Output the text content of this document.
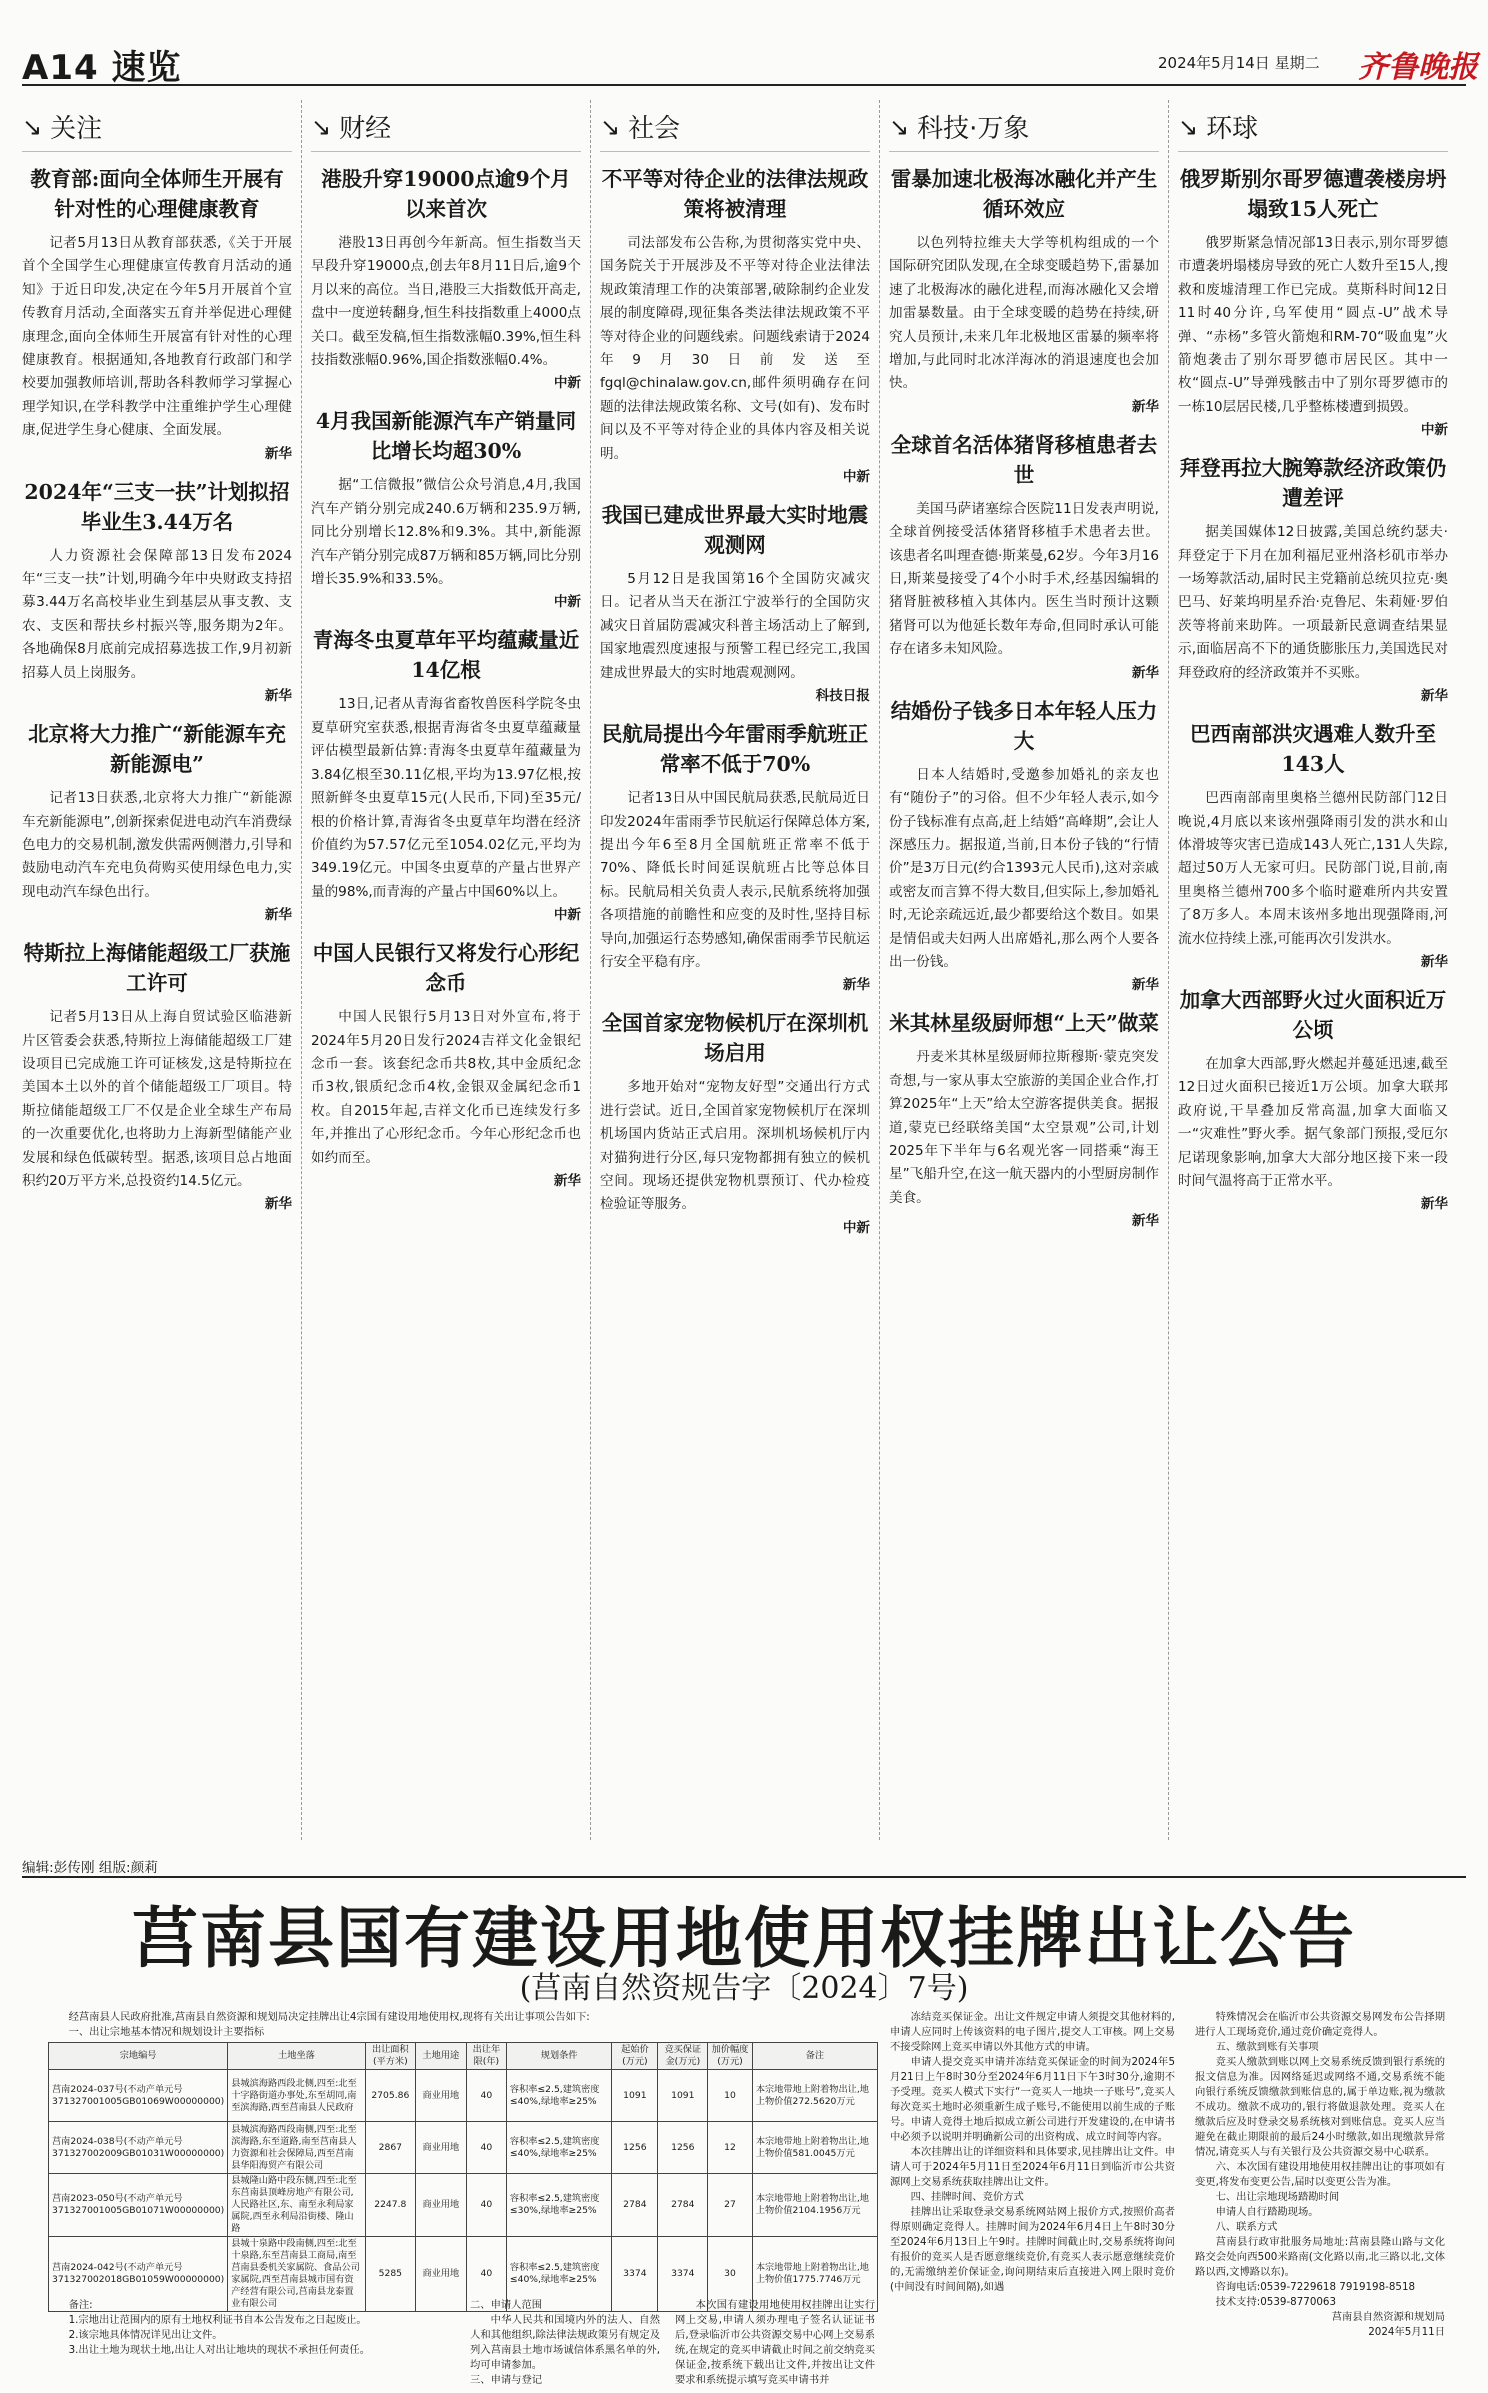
A14 速览	2024年5月14日 星期二 齐鲁晚报
↘ 关注
教育部:面向全体师生开展有针对性的心理健康教育

记者5月13日从教育部获悉,《关于开展首个全国学生心理健康宣传教育月活动的通知》于近日印发,决定在今年5月开展首个宣传教育月活动,全面落实五育并举促进心理健康理念,面向全体师生开展富有针对性的心理健康教育。根据通知,各地教育行政部门和学校要加强教师培训,帮助各科教师学习掌握心理学知识,在学科教学中注重维护学生心理健康,促进学生身心健康、全面发展。

新华
2024年“三支一扶”计划拟招毕业生3.44万名

人力资源社会保障部13日发布2024年“三支一扶”计划,明确今年中央财政支持招募3.44万名高校毕业生到基层从事支教、支农、支医和帮扶乡村振兴等,服务期为2年。各地确保8月底前完成招募选拔工作,9月初新招募人员上岗服务。

新华
北京将大力推广“新能源车充新能源电”

记者13日获悉,北京将大力推广“新能源车充新能源电”,创新探索促进电动汽车消费绿色电力的交易机制,激发供需两侧潜力,引导和鼓励电动汽车充电负荷购买使用绿色电力,实现电动汽车绿色出行。

新华
特斯拉上海储能超级工厂获施工许可

记者5月13日从上海自贸试验区临港新片区管委会获悉,特斯拉上海储能超级工厂建设项目已完成施工许可证核发,这是特斯拉在美国本土以外的首个储能超级工厂项目。特斯拉储能超级工厂不仅是企业全球生产布局的一次重要优化,也将助力上海新型储能产业发展和绿色低碳转型。据悉,该项目总占地面积约20万平方米,总投资约14.5亿元。

新华
↘ 财经
港股升穿19000点逾9个月以来首次

港股13日再创今年新高。恒生指数当天早段升穿19000点,创去年8月11日后,逾9个月以来的高位。当日,港股三大指数低开高走,盘中一度逆转翻身,恒生科技指数重上4000点关口。截至发稿,恒生指数涨幅0.39%,恒生科技指数涨幅0.96%,国企指数涨幅0.4%。

中新
4月我国新能源汽车产销量同比增长均超30%

据“工信微报”微信公众号消息,4月,我国汽车产销分别完成240.6万辆和235.9万辆,同比分别增长12.8%和9.3%。其中,新能源汽车产销分别完成87万辆和85万辆,同比分别增长35.9%和33.5%。

中新
青海冬虫夏草年平均蕴藏量近14亿根

13日,记者从青海省畜牧兽医科学院冬虫夏草研究室获悉,根据青海省冬虫夏草蕴藏量评估模型最新估算:青海冬虫夏草年蕴藏量为3.84亿根至30.11亿根,平均为13.97亿根,按照新鲜冬虫夏草15元(人民币,下同)至35元/根的价格计算,青海省冬虫夏草年均潜在经济价值约为57.57亿元至1054.02亿元,平均为349.19亿元。中国冬虫夏草的产量占世界产量的98%,而青海的产量占中国60%以上。

中新
中国人民银行又将发行心形纪念币

中国人民银行5月13日对外宣布,将于2024年5月20日发行2024吉祥文化金银纪念币一套。该套纪念币共8枚,其中金质纪念币3枚,银质纪念币4枚,金银双金属纪念币1枚。自2015年起,吉祥文化币已连续发行多年,并推出了心形纪念币。今年心形纪念币也如约而至。

新华
↘ 社会
不平等对待企业的法律法规政策将被清理

司法部发布公告称,为贯彻落实党中央、国务院关于开展涉及不平等对待企业法律法规政策清理工作的决策部署,破除制约企业发展的制度障碍,现征集各类法律法规政策不平等对待企业的问题线索。问题线索请于2024年9月30日前发送至fgql@chinalaw.gov.cn,邮件须明确存在问题的法律法规政策名称、文号(如有)、发布时间以及不平等对待企业的具体内容及相关说明。

中新
我国已建成世界最大实时地震观测网

5月12日是我国第16个全国防灾减灾日。记者从当天在浙江宁波举行的全国防灾减灾日首届防震减灾科普主场活动上了解到,国家地震烈度速报与预警工程已经完工,我国建成世界最大的实时地震观测网。

科技日报
民航局提出今年雷雨季航班正常率不低于70%

记者13日从中国民航局获悉,民航局近日印发2024年雷雨季节民航运行保障总体方案,提出今年6至8月全国航班正常率不低于70%、降低长时间延误航班占比等总体目标。民航局相关负责人表示,民航系统将加强各项措施的前瞻性和应变的及时性,坚持目标导向,加强运行态势感知,确保雷雨季节民航运行安全平稳有序。

新华
全国首家宠物候机厅在深圳机场启用

多地开始对“宠物友好型”交通出行方式进行尝试。近日,全国首家宠物候机厅在深圳机场国内货站正式启用。深圳机场候机厅内对猫狗进行分区,每只宠物都拥有独立的候机空间。现场还提供宠物机票预订、代办检疫检验证等服务。

中新
↘ 科技·万象
雷暴加速北极海冰融化并产生循环效应

以色列特拉维夫大学等机构组成的一个国际研究团队发现,在全球变暖趋势下,雷暴加速了北极海冰的融化进程,而海冰融化又会增加雷暴数量。由于全球变暖的趋势在持续,研究人员预计,未来几年北极地区雷暴的频率将增加,与此同时北冰洋海冰的消退速度也会加快。

新华
全球首名活体猪肾移植患者去世

美国马萨诸塞综合医院11日发表声明说,全球首例接受活体猪肾移植手术患者去世。该患者名叫理查德·斯莱曼,62岁。今年3月16日,斯莱曼接受了4个小时手术,经基因编辑的猪肾脏被移植入其体内。医生当时预计这颗猪肾可以为他延长数年寿命,但同时承认可能存在诸多未知风险。

新华
结婚份子钱多日本年轻人压力大

日本人结婚时,受邀参加婚礼的亲友也有“随份子”的习俗。但不少年轻人表示,如今份子钱标准有点高,赶上结婚“高峰期”,会让人深感压力。据报道,当前,日本份子钱的“行情价”是3万日元(约合1393元人民币),这对亲戚或密友而言算不得大数目,但实际上,参加婚礼时,无论亲疏远近,最少都要给这个数目。如果是情侣或夫妇两人出席婚礼,那么两个人要各出一份钱。

新华
米其林星级厨师想“上天”做菜

丹麦米其林星级厨师拉斯穆斯·蒙克突发奇想,与一家从事太空旅游的美国企业合作,打算2025年“上天”给太空游客提供美食。据报道,蒙克已经联络美国“太空景观”公司,计划2025年下半年与6名观光客一同搭乘“海王星”飞船升空,在这一航天器内的小型厨房制作美食。

新华
↘ 环球
俄罗斯别尔哥罗德遭袭楼房坍塌致15人死亡

俄罗斯紧急情况部13日表示,别尔哥罗德市遭袭坍塌楼房导致的死亡人数升至15人,搜救和废墟清理工作已完成。莫斯科时间12日11时40分许,乌军使用“圆点-U”战术导弹、“赤杨”多管火箭炮和RM-70“吸血鬼”火箭炮袭击了别尔哥罗德市居民区。其中一枚“圆点-U”导弹残骸击中了别尔哥罗德市的一栋10层居民楼,几乎整栋楼遭到损毁。

中新
拜登再拉大腕筹款经济政策仍遭差评

据美国媒体12日披露,美国总统约瑟夫·拜登定于下月在加利福尼亚州洛杉矶市举办一场筹款活动,届时民主党籍前总统贝拉克·奥巴马、好莱坞明星乔治·克鲁尼、朱莉娅·罗伯茨等将前来助阵。一项最新民意调查结果显示,面临居高不下的通货膨胀压力,美国选民对拜登政府的经济政策并不买账。

新华
巴西南部洪灾遇难人数升至143人

巴西南部南里奥格兰德州民防部门12日晚说,4月底以来该州强降雨引发的洪水和山体滑坡等灾害已造成143人死亡,131人失踪,超过50万人无家可归。民防部门说,目前,南里奥格兰德州700多个临时避难所内共安置了8万多人。本周末该州多地出现强降雨,河流水位持续上涨,可能再次引发洪水。

新华
加拿大西部野火过火面积近万公顷

在加拿大西部,野火燃起并蔓延迅速,截至12日过火面积已接近1万公顷。加拿大联邦政府说,干旱叠加反常高温,加拿大面临又一“灾难性”野火季。据气象部门预报,受厄尔尼诺现象影响,加拿大大部分地区接下来一段时间气温将高于正常水平。

新华
编辑:彭传刚 组版:颜莉
莒南县国有建设用地使用权挂牌出让公告
(莒南自然资规告字〔2024〕7号)
经莒南县人民政府批准,莒南县自然资源和规划局决定挂牌出让4宗国有建设用地使用权,现将有关出让事项公告如下:
一、出让宗地基本情况和规划设计主要指标
宗地编号	土地坐落	出让面积(平方米)	土地用途	出让年限(年)	规划条件	起始价(万元)	竞买保证金(万元)	加价幅度(万元)	备注
莒南2024-037号(不动产单元号371327001005GB01069W00000000)	县城滨海路西段北侧,四至:北至十字路街道办事处,东至胡同,南至滨海路,西至莒南县人民政府	2705.86	商业用地	40	容积率≤2.5,建筑密度≤40%,绿地率≥25%	1091	1091	10	本宗地带地上附着物出让,地上物价值272.5620万元
莒南2024-038号(不动产单元号371327002009GB01031W00000000)	县城滨海路西段南侧,四至:北至滨海路,东至道路,南至莒南县人力资源和社会保障局,西至莒南县华阳海贸产有限公司	2867	商业用地	40	容积率≤2.5,建筑密度≤40%,绿地率≥25%	1256	1256	12	本宗地带地上附着物出让,地上物价值581.0045万元
莒南2023-050号(不动产单元号371327001005GB01071W00000000)	县城隆山路中段东侧,四至:北至东莒南县顶峰房地产有限公司,人民路社区,东、南至永利局家属院,西至永利局沿街楼、隆山路	2247.8	商业用地	40	容积率≤2.5,建筑密度≤30%,绿地率≥25%	2784	2784	27	本宗地带地上附着物出让,地上物价值2104.1956万元
莒南2024-042号(不动产单元号371327002018GB01059W00000000)	县城十泉路中段南侧,四至:北至十泉路,东至莒南县工商局,南至莒南县委机关家属院、食品公司家属院,西至莒南县城市国有资产经营有限公司,莒南县龙泰置业有限公司	5285	商业用地	40	容积率≤2.5,建筑密度≤40%,绿地率≥25%	3374	3374	30	本宗地带地上附着物出让,地上物价值1775.7746万元
备注:

1.宗地出让范围内的原有土地权利证书自本公告发布之日起废止。

2.该宗地具体情况详见出让文件。

3.出让土地为现状土地,出让人对出让地块的现状不承担任何责任。

二、申请人范围

中华人民共和国境内外的法人、自然人和其他组织,除法律法规政策另有规定及列入莒南县土地市场诚信体系黑名单的外,均可申请参加。

三、申请与登记

本次国有建设用地使用权挂牌出让实行网上交易,申请人须办理电子签名认证证书后,登录临沂市公共资源交易中心网上交易系统,在规定的竞买申请截止时间之前交纳竞买保证金,按系统下载出让文件,并按出让文件要求和系统提示填写竞买申请书并

冻结竞买保证金。出让文件规定申请人须提交其他材料的,申请人应同时上传该资料的电子图片,提交人工审核。网上交易不接受除网上竞买申请以外其他方式的申请。

申请人提交竞买申请并冻结竞买保证金的时间为2024年5月21日上午8时30分至2024年6月11日下午3时30分,逾期不予受理。竞买人模式下实行“一竞买人一地块一子账号”,竞买人每次竞买土地时必须重新生成子账号,不能使用以前生成的子账号。申请人竞得土地后拟成立新公司进行开发建设的,在申请书中必须予以说明并明确新公司的出资构成、成立时间等内容。

本次挂牌出让的详细资料和具体要求,见挂牌出让文件。申请人可于2024年5月11日至2024年6月11日到临沂市公共资源网上交易系统获取挂牌出让文件。

四、挂牌时间、竞价方式

挂牌出让采取登录交易系统网站网上报价方式,按照价高者得原则确定竞得人。挂牌时间为2024年6月4日上午8时30分至2024年6月13日上午9时。挂牌时间截止时,交易系统将询问有报价的竞买人是否愿意继续竞价,有竞买人表示愿意继续竞价的,无需缴纳差价保证金,询问期结束后直接进入网上限时竞价(中间没有时间间隔),如遇

特殊情况会在临沂市公共资源交易网发布公告择期进行人工现场竞价,通过竞价确定竞得人。

五、缴款到账有关事项

竞买人缴款到账以网上交易系统反馈到银行系统的报文信息为准。因网络延迟或网络不通,交易系统不能向银行系统反馈缴款到账信息的,属于单边账,视为缴款不成功。缴款不成功的,银行将做退款处理。竞买人在缴款后应及时登录交易系统核对到账信息。竞买人应当避免在截止期限前的最后24小时缴款,如出现缴款异常情况,请竞买人与有关银行及公共资源交易中心联系。

六、本次国有建设用地使用权挂牌出让的事项如有变更,将发布变更公告,届时以变更公告为准。

七、出让宗地现场踏勘时间

申请人自行踏勘现场。

八、联系方式

莒南县行政审批服务局地址:莒南县隆山路与文化路交会处向西500米路南(文化路以南,北三路以北,文体路以西,文博路以东)。

咨询电话:0539-7229618 7919198-8518

技术支持:0539-8770063

莒南县自然资源和规划局

2024年5月11日
